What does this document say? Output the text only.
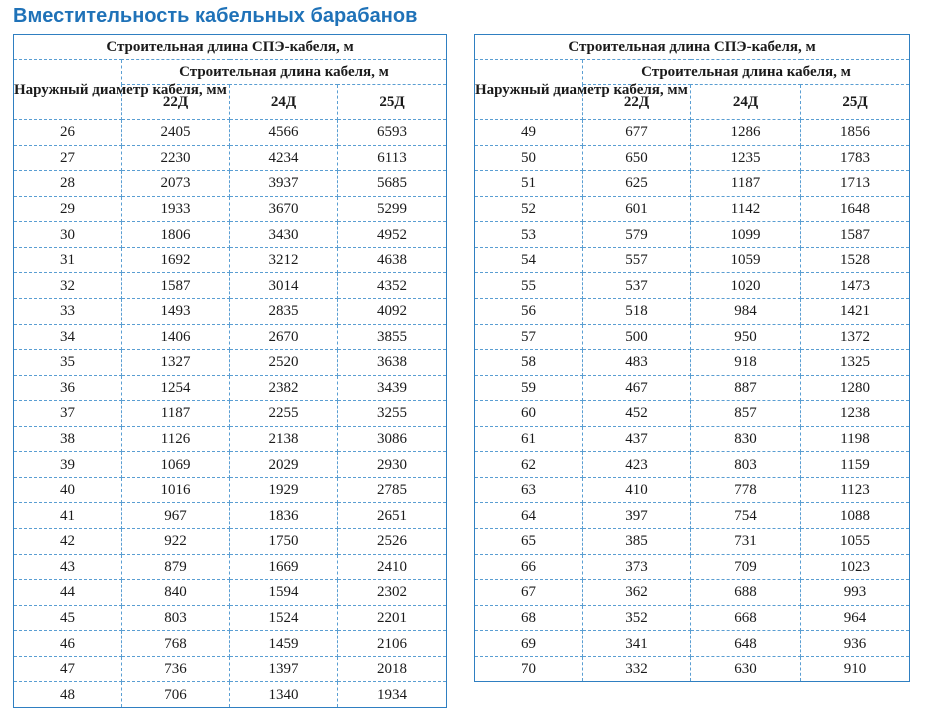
Вместительность кабельных барабанов
Строительная длина СПЭ-кабеля, м			
Наружный диаметр кабеля, мм	Строительная длина кабеля, м		
	22Д	24Д	25Д
26	2405	4566	6593
27	2230	4234	6113
28	2073	3937	5685
29	1933	3670	5299
30	1806	3430	4952
31	1692	3212	4638
32	1587	3014	4352
33	1493	2835	4092
34	1406	2670	3855
35	1327	2520	3638
36	1254	2382	3439
37	1187	2255	3255
38	1126	2138	3086
39	1069	2029	2930
40	1016	1929	2785
41	967	1836	2651
42	922	1750	2526
43	879	1669	2410
44	840	1594	2302
45	803	1524	2201
46	768	1459	2106
47	736	1397	2018
48	706	1340	1934
Строительная длина СПЭ-кабеля, м			
Наружный диаметр кабеля, мм	Строительная длина кабеля, м		
	22Д	24Д	25Д
49	677	1286	1856
50	650	1235	1783
51	625	1187	1713
52	601	1142	1648
53	579	1099	1587
54	557	1059	1528
55	537	1020	1473
56	518	984	1421
57	500	950	1372
58	483	918	1325
59	467	887	1280
60	452	857	1238
61	437	830	1198
62	423	803	1159
63	410	778	1123
64	397	754	1088
65	385	731	1055
66	373	709	1023
67	362	688	993
68	352	668	964
69	341	648	936
70	332	630	910
